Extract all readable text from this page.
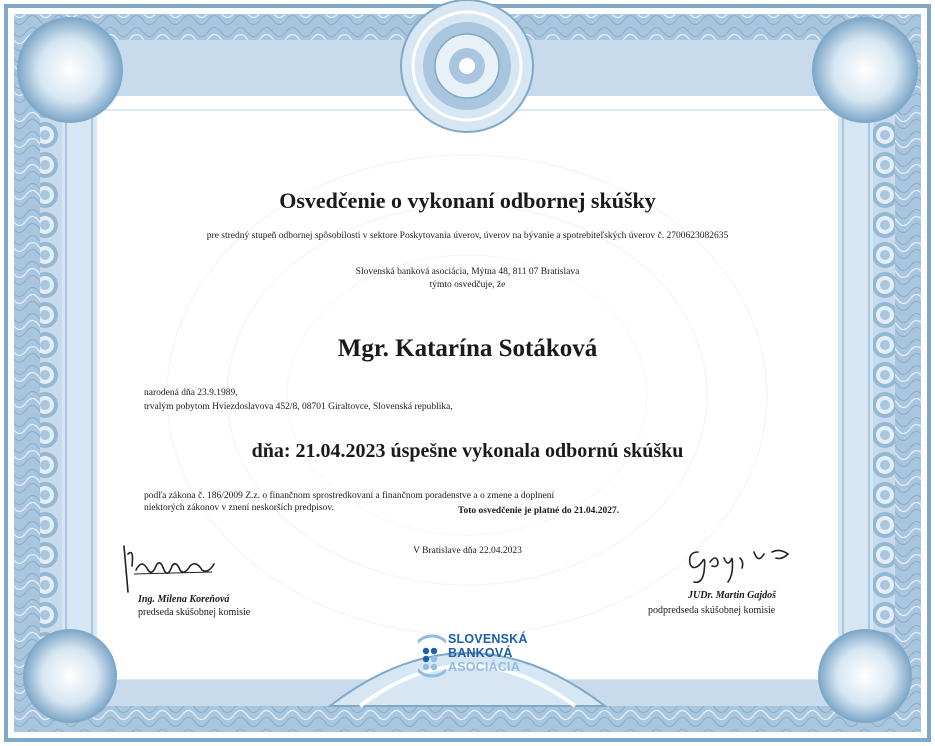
Osvedčenie o vykonaní odbornej skúšky
pre stredný stupeň odbornej spôsobilosti v sektore Poskytovania úverov, úverov na bývanie a spotrebiteľských úverov č. 2700623082635
Slovenská banková asociácia, Mýtna 48, 811 07 Bratislava
týmto osvedčuje, že
Mgr. Katarína Sotáková
narodená dňa 23.9.1989,
trvalým pobytom Hviezdoslavova 452/8, 08701 Giraltovce, Slovenská republika,
dňa: 21.04.2023 úspešne vykonala odbornú skúšku
podľa zákona č. 186/2009 Z.z. o finančnom sprostredkovaní a finančnom poradenstve a o zmene a doplnení
niektorých zákonov v znení neskorších predpisov.	Toto osvedčenie je platné do 21.04.2027.
V Bratislave dňa 22.04.2023
Ing. Milena Koreňová
predseda skúšobnej komisie
JUDr. Martin Gajdoš
podpredseda skúšobnej komisie
SLOVENSKÁ
BANKOVÁ
ASOCIÁCIA
